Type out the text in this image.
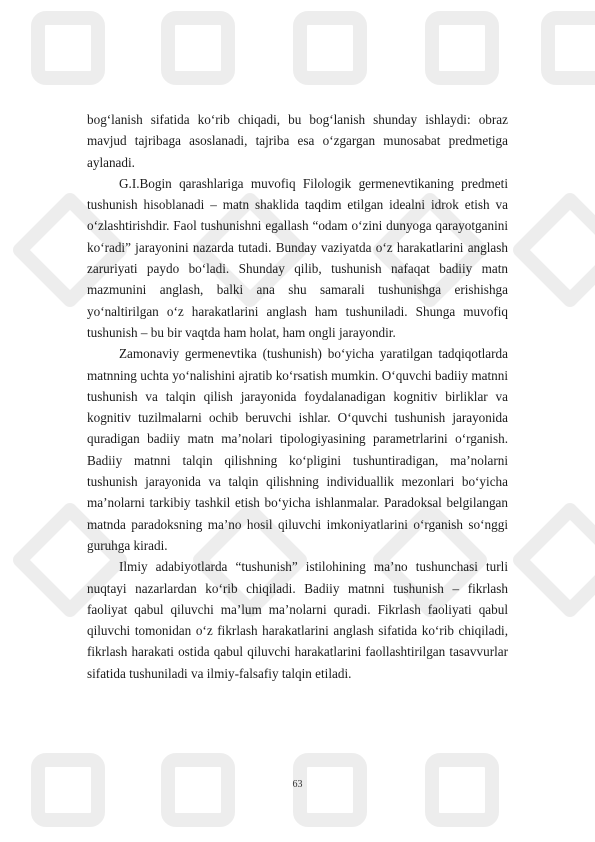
bog‘lanish sifatida ko‘rib chiqadi, bu bog‘lanish shunday ishlaydi: obraz mavjud tajribaga asoslanadi, tajriba esa o‘zgargan munosabat predmetiga aylanadi.

G.I.Bogin qarashlariga muvofiq Filologik germenevtikaning predmeti tushunish hisoblanadi – matn shaklida taqdim etilgan idealni idrok etish va o‘zlashtirishdir. Faol tushunishni egallash “odam o‘zini dunyoga qarayotganini ko‘radi” jarayonini nazarda tutadi. Bunday vaziyatda o‘z harakatlarini anglash zaruriyati paydo bo‘ladi. Shunday qilib, tushunish nafaqat badiiy matn mazmunini anglash, balki ana shu samarali tushunishga erishishga yo‘naltirilgan o‘z harakatlarini anglash ham tushuniladi. Shunga muvofiq tushunish – bu bir vaqtda ham holat, ham ongli jarayondir.

Zamonaviy germenevtika (tushunish) bo‘yicha yaratilgan tadqiqotlarda matnning uchta yo‘nalishini ajratib ko‘rsatish mumkin. O‘quvchi badiiy matnni tushunish va talqin qilish jarayonida foydalanadigan kognitiv birliklar va kognitiv tuzilmalarni ochib beruvchi ishlar. O‘quvchi tushunish jarayonida quradigan badiiy matn ma’nolari tipologiyasining parametrlarini o‘rganish. Badiiy matnni talqin qilishning ko‘pligini tushuntiradigan, ma’nolarni tushunish jarayonida va talqin qilishning individuallik mezonlari bo‘yicha ma’nolarni tarkibiy tashkil etish bo‘yicha ishlanmalar. Paradoksal belgilangan matnda paradoksning ma’no hosil qiluvchi imkoniyatlarini o‘rganish so‘nggi guruhga kiradi.

Ilmiy adabiyotlarda “tushunish” istilohining ma’no tushunchasi turli nuqtayi nazarlardan ko‘rib chiqiladi. Badiiy matnni tushunish – fikrlash faoliyat qabul qiluvchi ma’lum ma’nolarni quradi. Fikrlash faoliyati qabul qiluvchi tomonidan o‘z fikrlash harakatlarini anglash sifatida ko‘rib chiqiladi, fikrlash harakati ostida qabul qiluvchi harakatlarini faollashtirilgan tasavvurlar sifatida tushuniladi va ilmiy-falsafiy talqin etiladi.

63
